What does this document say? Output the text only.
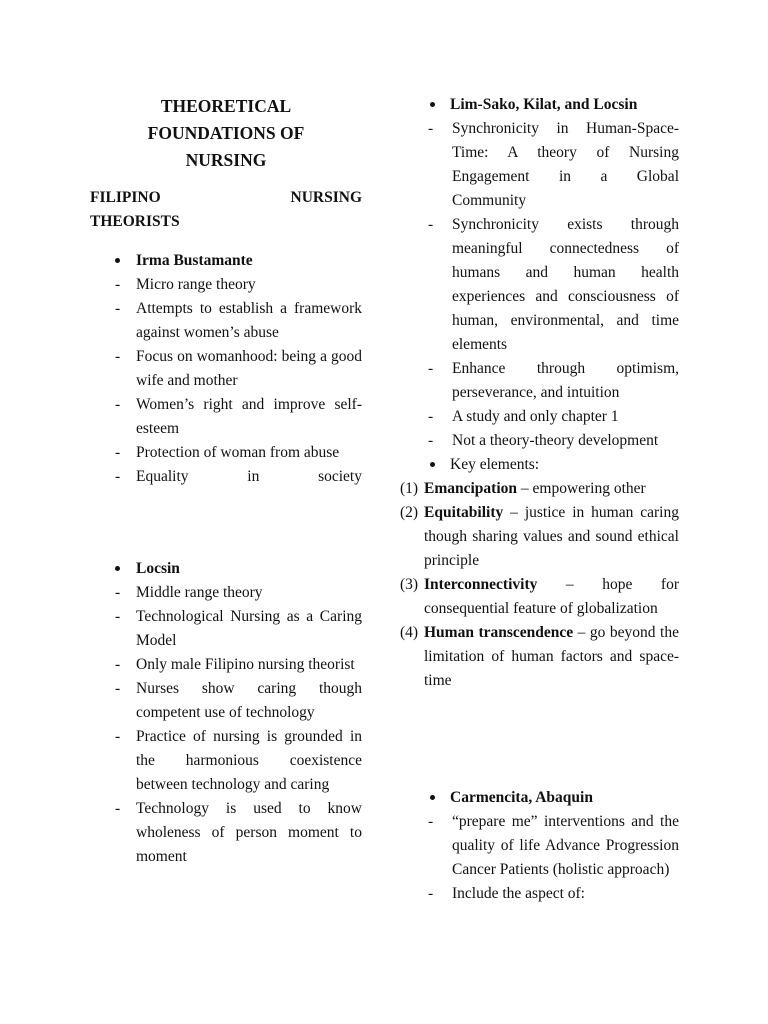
THEORETICAL
FOUNDATIONS OF
NURSING
FILIPINO NURSING
THEORISTS
Irma Bustamante
-	Micro range theory
-	Attempts to establish a framework against women’s abuse
-	Focus on womanhood: being a good wife and mother
-	Women’s right and improve self-esteem
-	Protection of woman from abuse
-	Equality in society
Locsin
-	Middle range theory
-	Technological Nursing as a Caring Model
-	Only male Filipino nursing theorist
-	Nurses show caring though competent use of technology
-	Practice of nursing is grounded in the harmonious coexistence between technology and caring
-	Technology is used to know wholeness of person moment to moment
Lim-Sako, Kilat, and Locsin
-	Synchronicity in Human-Space-Time: A theory of Nursing Engagement in a Global Community
-	Synchronicity exists through meaningful connectedness of humans and human health experiences and consciousness of human, environmental, and time elements
-	Enhance through optimism, perseverance, and intuition
-	A study and only chapter 1
-	Not a theory-theory development
Key elements:
(1) Emancipation – empowering other
(2) Equitability – justice in human caring though sharing values and sound ethical principle
(3) Interconnectivity – hope for consequential feature of globalization
(4) Human transcendence – go beyond the limitation of human factors and space-time
Carmencita, Abaquin
-	“prepare me” interventions and the quality of life Advance Progression Cancer Patients (holistic approach)
-	Include the aspect of:
